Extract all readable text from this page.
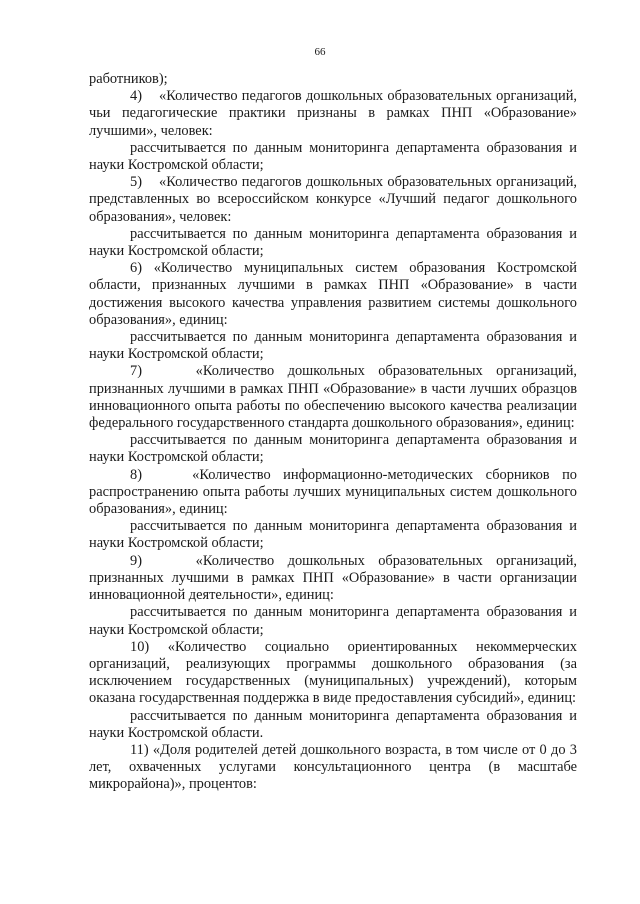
66

работников);

4)    «Количество педагогов дошкольных образовательных организаций, чьи педагогические практики признаны в рамках ПНП «Образование» лучшими», человек:

рассчитывается по данным мониторинга департамента образования и науки Костромской области;

5)    «Количество педагогов дошкольных образовательных организаций, представленных во всероссийском конкурсе «Лучший педагог дошкольного образования», человек:

рассчитывается по данным мониторинга департамента образования и науки Костромской области;

6) «Количество муниципальных систем образования Костромской области, признанных лучшими в рамках ПНП «Образование» в части достижения высокого качества управления развитием системы дошкольного образования», единиц:

рассчитывается по данным мониторинга департамента образования и науки Костромской области;

7)    «Количество дошкольных образовательных организаций, признанных лучшими в рамках ПНП «Образование» в части лучших образцов инновационного опыта работы по обеспечению высокого качества реализации федерального государственного стандарта дошкольного образования», единиц:

рассчитывается по данным мониторинга департамента образования и науки Костромской области;

8)    «Количество информационно-методических сборников по распространению опыта работы лучших муниципальных систем дошкольного образования», единиц:

рассчитывается по данным мониторинга департамента образования и науки Костромской области;

9)    «Количество дошкольных образовательных организаций, признанных лучшими в рамках ПНП «Образование» в части организации инновационной деятельности», единиц:

рассчитывается по данным мониторинга департамента образования и науки Костромской области;

10) «Количество социально ориентированных некоммерческих организаций, реализующих программы дошкольного образования (за исключением государственных (муниципальных) учреждений), которым оказана государственная поддержка в виде предоставления субсидий», единиц:

рассчитывается по данным мониторинга департамента образования и науки Костромской области.

11) «Доля родителей детей дошкольного возраста, в том числе от 0 до 3 лет, охваченных услугами консультационного центра (в масштабе микрорайона)», процентов:
